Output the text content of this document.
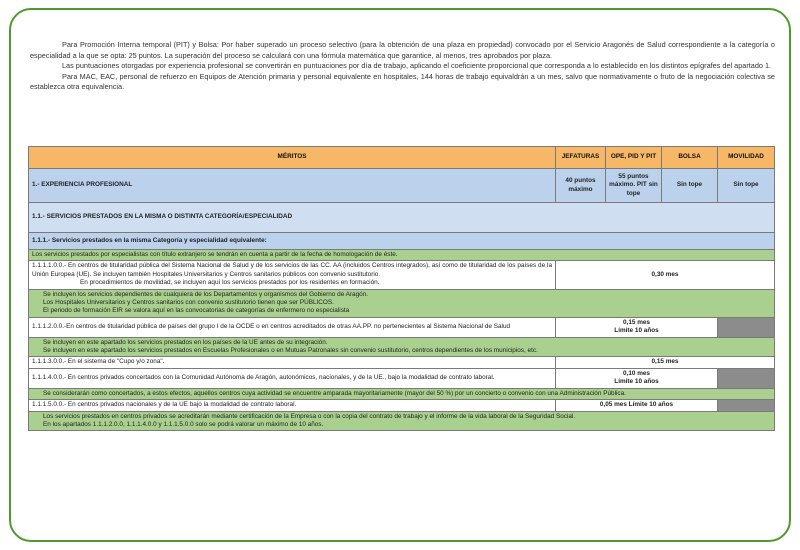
Para Promoción Interna temporal (PIT) y Bolsa: Por haber superado un proceso selectivo (para la obtención de una plaza en propiedad) convocado por el Servicio Aragonés de Salud correspondiente a la categoría o especialidad a la que se opta: 25 puntos. La superación del proceso se calculará con una fórmula matemática que garantice, al menos, tres aprobados por plaza.

Las puntuaciones otorgadas por experiencia profesional se convertirán en puntuaciones por día de trabajo, aplicando el coeficiente proporcional que corresponda a lo establecido en los distintos epígrafes del apartado 1.

Para MAC, EAC, personal de refuerzo en Equipos de Atención primaria y personal equivalente en hospitales, 144 horas de trabajo equivaldrán a un mes, salvo que normativamente o fruto de la negociación colectiva se establezca otra equivalencia.

MÉRITOS	JEFATURAS	OPE, PID Y PIT	BOLSA	MOVILIDAD
1.- EXPERIENCIA PROFESIONAL	40 puntos máximo	55 puntos máximo. PIT sin tope	Sin tope	Sin tope
1.1.- SERVICIOS PRESTADOS EN LA MISMA O DISTINTA CATEGORÍA/ESPECIALIDAD				
1.1.1.- Servicios prestados en la misma Categoría y especialidad equivalente:				
Los servicios prestados por especialistas con título extranjero se tendrán en cuenta a partir de la fecha de homologación de éste.				

1.1.1.1.0.0.- En centros de titularidad pública del Sistema Nacional de Salud y de los servicios de las CC. AA (incluidos Centros integrados), así como de titularidad de los países de la Unión Europea (UE). Se incluyen también Hospitales Universitarios y Centros sanitarios públicos con convenio sustitutorio.
En procedimientos de movilidad, se incluyen aquí los servicios prestados por los residentes en formación.	0,30 mes			

Se incluyen los servicios dependientes de cualquiera de los Departamentos y organismos del Gobierno de Aragón.
Los Hospitales Universitarios y Centros sanitarios con convenio sustitutorio tienen que ser PÚBLICOS.
El periodo de formación EIR se valora aquí en las convocatorias de categorías de enfermero no especialista				

1.1.1.2.0.0.-En centros de titularidad pública de países del grupo I de la OCDE o en centros acreditados de otras AA.PP. no pertenecientes al Sistema Nacional de Salud	0,15 mes
Límite 10 años			

Se incluyen en este apartado los servicios prestados en los países de la UE antes de su integración.
Se incluyen en este apartado los servicios prestados en Escuelas Profesionales o en Mutuas Patronales sin convenio sustitutorio, centros dependientes de los municipios, etc.				

1.1.1.3.0.0.- En el sistema de "Cupo y/o zona".	0,15 mes			
1.1.1.4.0.0.- En centros privados concertados con la Comunidad Autónoma de Aragón, autonómicos, nacionales, y de la UE., bajo la modalidad de contrato laboral.	0,10 mes
Límite 10 años			

Se considerarán como concertados, a estos efectos, aquellos centros cuya actividad se encuentre amparada mayoritariamente (mayor del 50 %) por un concierto o convenio con una Administración Pública.				
1.1.1.5.0.0.- En centros privados nacionales y de la UE bajo la modalidad de contrato laboral.	0,05 mes Límite 10 años			

Los servicios prestados en centros privados se acreditarán mediante certificación de la Empresa o con la copia del contrato de trabajo y el informe de la vida laboral de la Seguridad Social.
En los apartados 1.1.1.2.0.0, 1.1.1.4.0.0 y 1.1.1.5.0.0 solo se podrá valorar un máximo de 10 años.				
